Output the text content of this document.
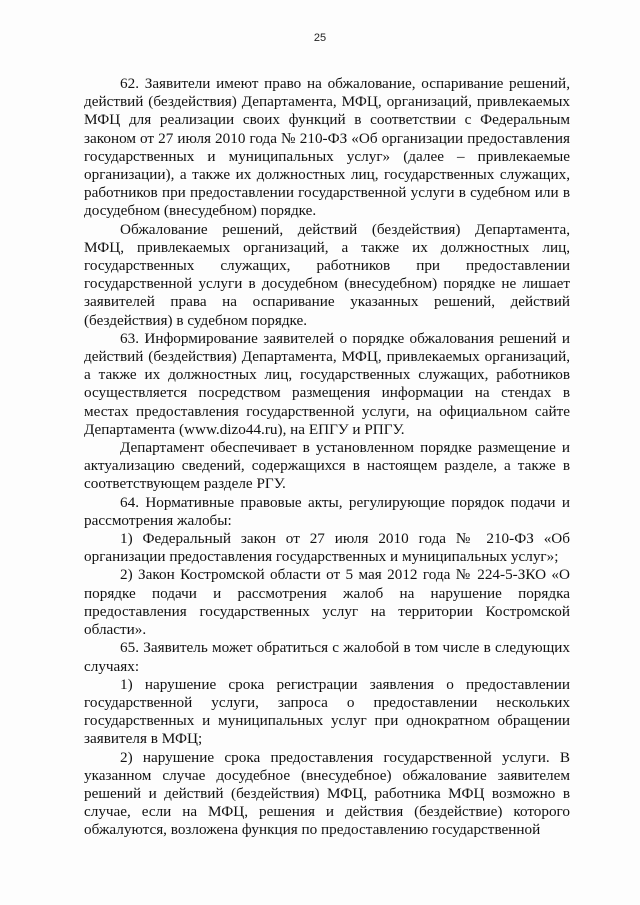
25

62. Заявители имеют право на обжалование, оспаривание решений, действий (бездействия) Департамента, МФЦ, организаций, привлекаемых МФЦ для реализации своих функций в соответствии с Федеральным законом от 27 июля 2010 года № 210-ФЗ «Об организации предоставления государственных и муниципальных услуг» (далее – привлекаемые организации), а также их должностных лиц, государственных служащих, работников при предоставлении государственной услуги в судебном или в досудебном (внесудебном) порядке.

Обжалование решений, действий (бездействия) Департамента, МФЦ, привлекаемых организаций, а также их должностных лиц, государственных служащих, работников при предоставлении государственной услуги в досудебном (внесудебном) порядке не лишает заявителей права на оспаривание указанных решений, действий (бездействия) в судебном порядке.

63. Информирование заявителей о порядке обжалования решений и действий (бездействия) Департамента, МФЦ, привлекаемых организаций, а также их должностных лиц, государственных служащих, работников осуществляется посредством размещения информации на стендах в местах предоставления государственной услуги, на официальном сайте Департамента (www.dizo44.ru), на ЕПГУ и РПГУ.

Департамент обеспечивает в установленном порядке размещение и актуализацию сведений, содержащихся в настоящем разделе, а также в соответствующем разделе РГУ.

64. Нормативные правовые акты, регулирующие порядок подачи и рассмотрения жалобы:

1) Федеральный закон от 27 июля 2010 года № 210-ФЗ «Об организации предоставления государственных и муниципальных услуг»;

2) Закон Костромской области от 5 мая 2012 года № 224-5-ЗКО «О порядке подачи и рассмотрения жалоб на нарушение порядка предоставления государственных услуг на территории Костромской области».

65. Заявитель может обратиться с жалобой в том числе в следующих случаях:

1) нарушение срока регистрации заявления о предоставлении государственной услуги, запроса о предоставлении нескольких государственных и муниципальных услуг при однократном обращении заявителя в МФЦ;

2) нарушение срока предоставления государственной услуги. В указанном случае досудебное (внесудебное) обжалование заявителем решений и действий (бездействия) МФЦ, работника МФЦ возможно в случае, если на МФЦ, решения и действия (бездействие) которого обжалуются, возложена функция по предоставлению государственной
